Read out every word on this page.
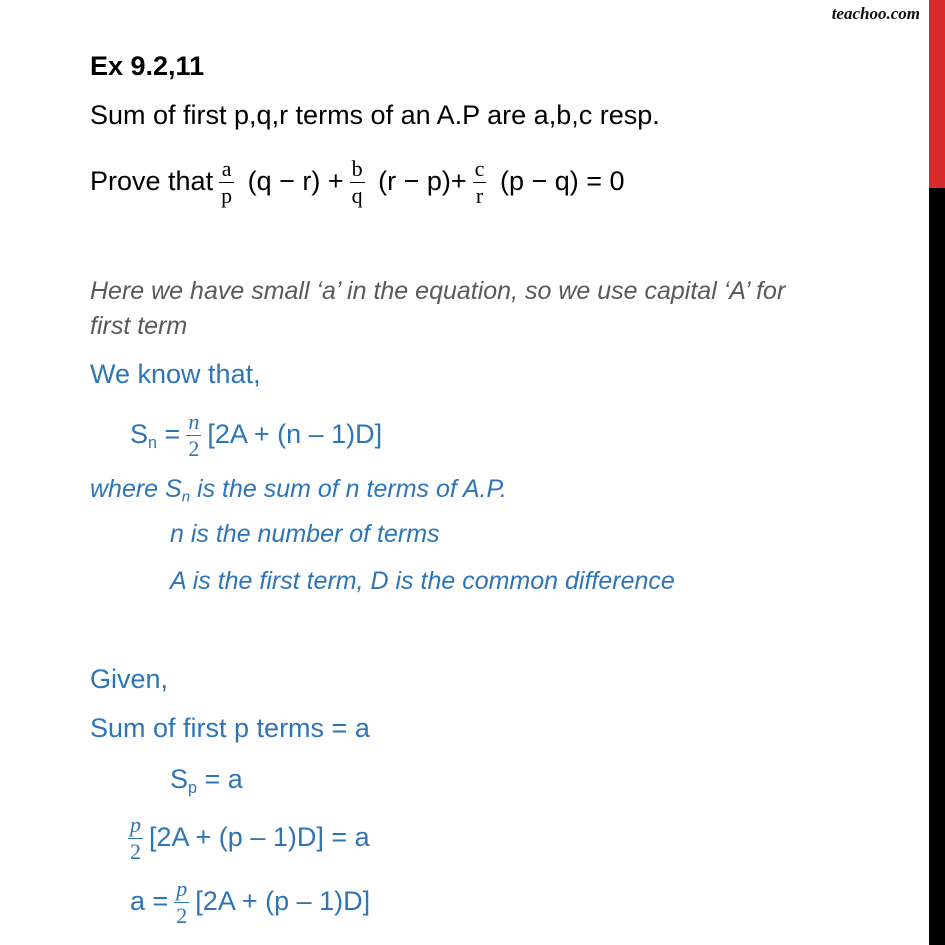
teachoo.com
Ex 9.2,11
Sum of first p,q,r terms of an A.P are a,b,c resp.
Prove that $\frac{a}{p} (q - r) + \frac{b}{q} (r - p)+ \frac{c}{r} (p - q) = 0$
Here we have small ‘a’ in the equation, so we use capital ‘A’ for
first term
We know that,
$S_n = \frac{n}{2} [2A + (n - 1)D]$
where $S_n$ is the sum of n terms of A.P.
n is the number of terms
A is the first term, D is the common difference
Given,
Sum of first p terms = a
$S_p = a$
$\frac{p}{2} [2A + (p - 1)D] = a$
$a = \frac{p}{2} [2A + (p - 1)D]$
